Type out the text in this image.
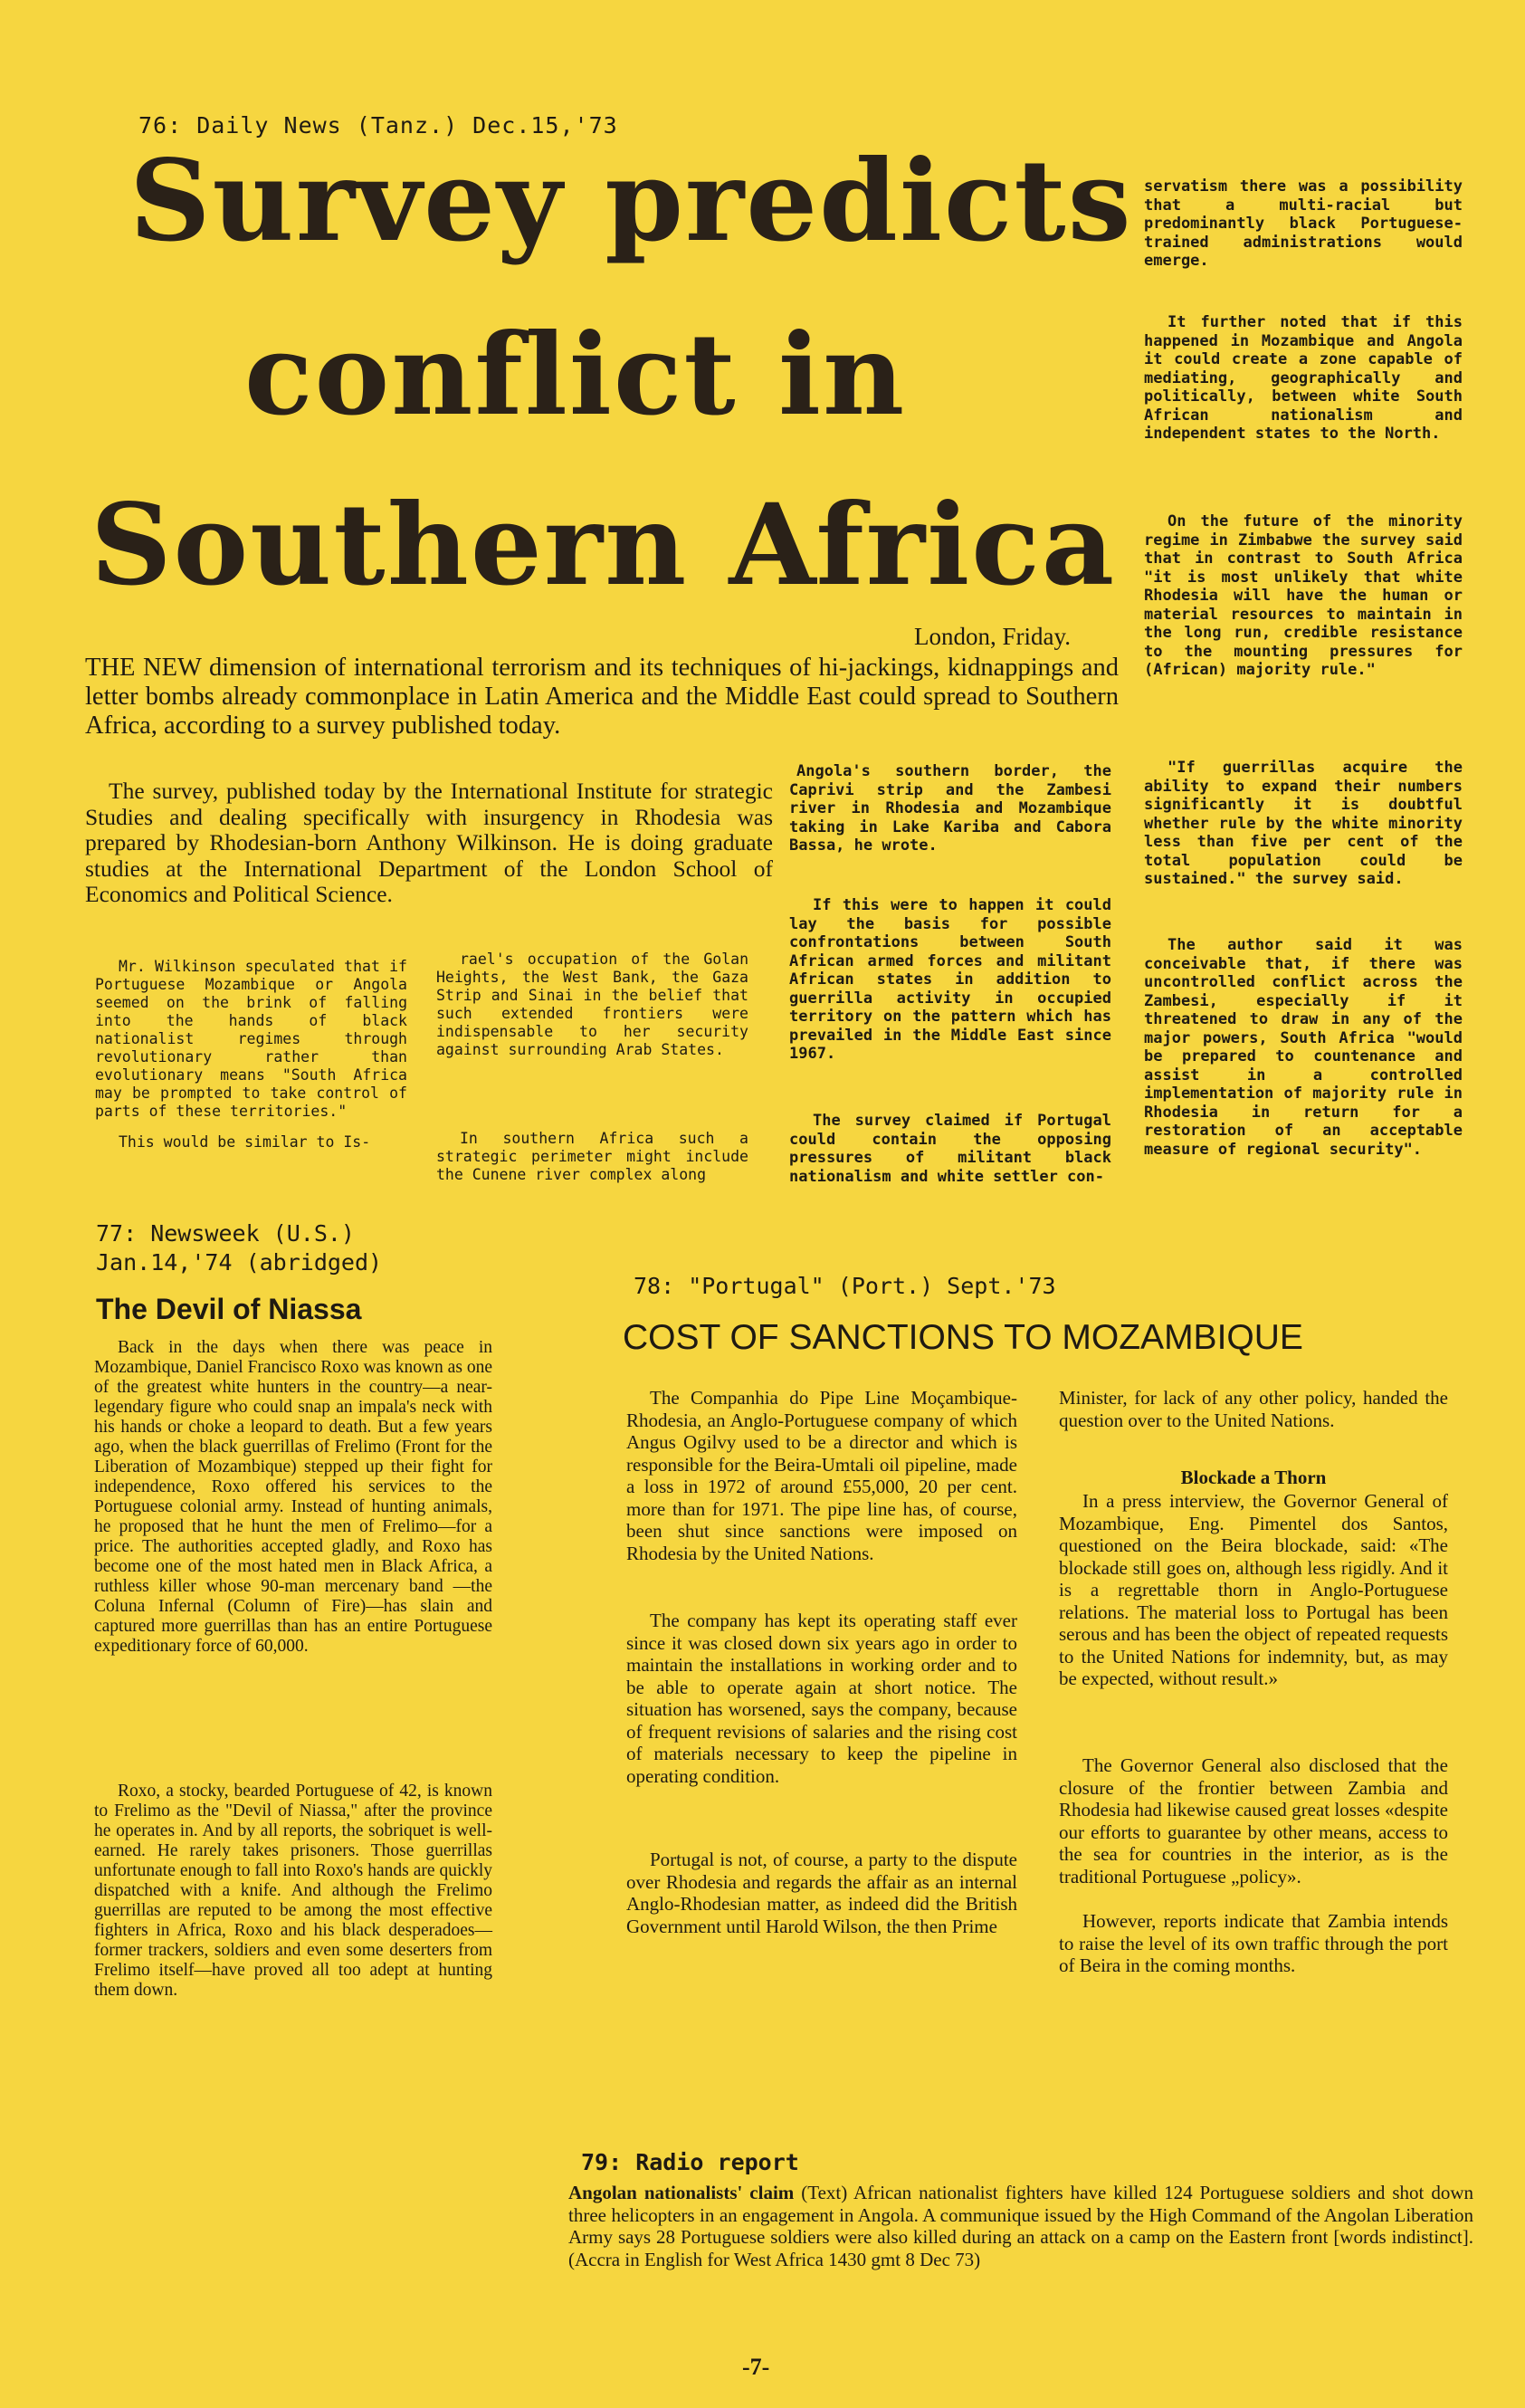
76: Daily News (Tanz.) Dec.15,'73
Survey predicts
conflict in
Southern Africa
London, Friday.
THE NEW dimension of international terrorism and its techniques of hi-jackings, kidnappings and letter bombs already commonplace in Latin America and the Middle East could spread to Southern Africa, according to a survey published today.
The survey, published today by the International Institute for strategic Studies and dealing specifically with insurgency in Rhodesia was prepared by Rhodesian-born Anthony Wilkinson. He is doing graduate studies at the International Department of the London School of Economics and Political Science.
Mr. Wilkinson speculated that if Portuguese Mozambique or Angola seemed on the brink of falling into the hands of black nationalist regimes through revolutionary rather than evolutionary means "South Africa may be prompted to take control of parts of these territories."
This would be similar to Is-
rael's occupation of the Golan Heights, the West Bank, the Gaza Strip and Sinai in the belief that such extended frontiers were indispensable to her security against surrounding Arab States.
In southern Africa such a strategic perimeter might include the Cunene river complex along
Angola's southern border, the Caprivi strip and the Zambesi river in Rhodesia and Mozambique taking in Lake Kariba and Cabora Bassa, he wrote.
If this were to happen it could lay the basis for possible confrontations between South African armed forces and militant African states in addition to guerrilla activity in occupied territory on the pattern which has prevailed in the Middle East since 1967.
The survey claimed if Portugal could contain the opposing pressures of militant black nationalism and white settler con-
servatism there was a possibility that a multi-racial but predominantly black Portuguese-trained administrations would emerge.
It further noted that if this happened in Mozambique and Angola it could create a zone capable of mediating, geographically and politically, between white South African nationalism and independent states to the North.
On the future of the minority regime in Zimbabwe the survey said that in contrast to South Africa "it is most unlikely that white Rhodesia will have the human or material resources to maintain in the long run, credible resistance to the mounting pressures for (African) majority rule."
"If guerrillas acquire the ability to expand their numbers significantly it is doubtful whether rule by the white minority less than five per cent of the total population could be sustained." the survey said.
The author said it was conceivable that, if there was uncontrolled conflict across the Zambesi, especially if it threatened to draw in any of the major powers, South Africa "would be prepared to countenance and assist in a controlled implementation of majority rule in Rhodesia in return for a restoration of an acceptable measure of regional security".
77: Newsweek (U.S.)
Jan.14,'74 (abridged)
The Devil of Niassa
Back in the days when there was peace in Mozambique, Daniel Francisco Roxo was known as one of the greatest white hunters in the country—a near-legendary figure who could snap an impala's neck with his hands or choke a leopard to death. But a few years ago, when the black guerrillas of Frelimo (Front for the Liberation of Mozambique) stepped up their fight for independence, Roxo offered his services to the Portuguese colonial army. Instead of hunting animals, he proposed that he hunt the men of Frelimo—for a price. The authorities accepted gladly, and Roxo has become one of the most hated men in Black Africa, a ruthless killer whose 90-man mercenary band —the Coluna Infernal (Column of Fire)—has slain and captured more guerrillas than has an entire Portuguese expeditionary force of 60,000.
Roxo, a stocky, bearded Portuguese of 42, is known to Frelimo as the "Devil of Niassa," after the province he operates in. And by all reports, the sobriquet is well-earned. He rarely takes prisoners. Those guerrillas unfortunate enough to fall into Roxo's hands are quickly dispatched with a knife. And although the Frelimo guerrillas are reputed to be among the most effective fighters in Africa, Roxo and his black desperadoes—former trackers, soldiers and even some deserters from Frelimo itself—have proved all too adept at hunting them down.
78: "Portugal" (Port.) Sept.'73
COST OF SANCTIONS TO MOZAMBIQUE
The Companhia do Pipe Line Moçambique-Rhodesia, an Anglo-Portuguese company of which Angus Ogilvy used to be a director and which is responsible for the Beira-Umtali oil pipeline, made a loss in 1972 of around £55,000, 20 per cent. more than for 1971. The pipe line has, of course, been shut since sanctions were imposed on Rhodesia by the United Nations.
The company has kept its operating staff ever since it was closed down six years ago in order to maintain the installations in working order and to be able to operate again at short notice. The situation has worsened, says the company, because of frequent revisions of salaries and the rising cost of materials necessary to keep the pipeline in operating condition.
Portugal is not, of course, a party to the dispute over Rhodesia and regards the affair as an internal Anglo-Rhodesian matter, as indeed did the British Government until Harold Wilson, the then Prime
Minister, for lack of any other policy, handed the question over to the United Nations.
Blockade a Thorn
In a press interview, the Governor General of Mozambique, Eng. Pimentel dos Santos, questioned on the Beira blockade, said: «The blockade still goes on, although less rigidly. And it is a regrettable thorn in Anglo-Portuguese relations. The material loss to Portugal has been serous and has been the object of repeated requests to the United Nations for indemnity, but, as may be expected, without result.»
The Governor General also disclosed that the closure of the frontier between Zambia and Rhodesia had likewise caused great losses «despite our efforts to guarantee by other means, access to the sea for countries in the interior, as is the traditional Portuguese „policy».
However, reports indicate that Zambia intends to raise the level of its own traffic through the port of Beira in the coming months.
79: Radio report
Angolan nationalists' claim (Text) African nationalist fighters have killed 124 Portuguese soldiers and shot down three helicopters in an engagement in Angola. A communique issued by the High Command of the Angolan Liberation Army says 28 Portuguese soldiers were also killed during an attack on a camp on the Eastern front [words indistinct]. (Accra in English for West Africa 1430 gmt 8 Dec 73)
-7-
